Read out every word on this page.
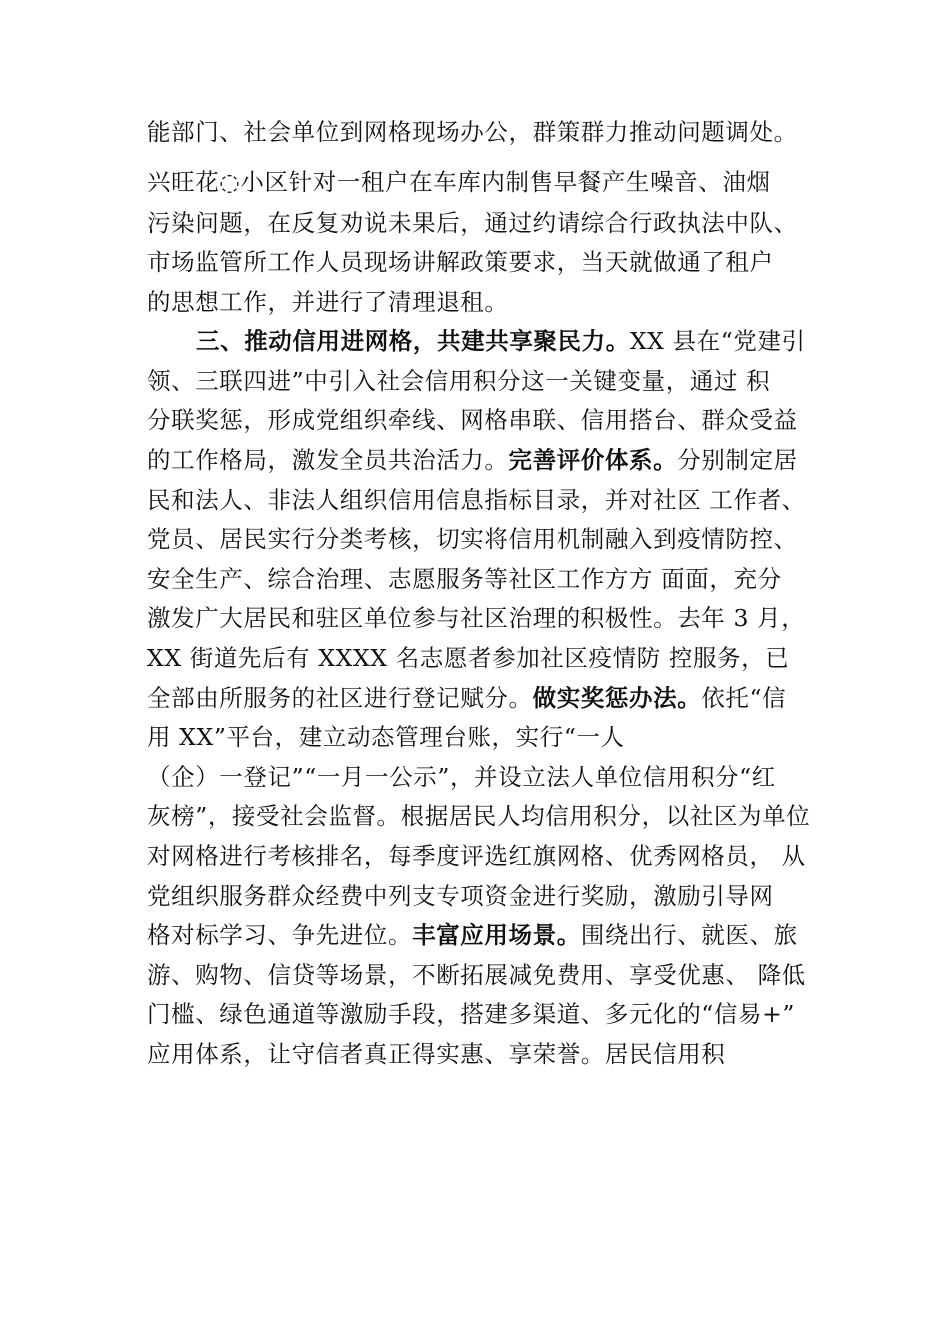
能部门、社会单位到网格现场办公，群策群力推动问题调处。
兴旺花◌小区针对一租户在车库内制售早餐产生噪音、油烟
污染问题，在反复劝说未果后，通过约请综合行政执法中队、
市场监管所工作人员现场讲解政策要求，当天就做通了租户
的思想工作，并进行了清理退租。
三、推动信用进网格，共建共享聚民力。XX 县在“党建引
领、三联四进”中引入社会信用积分这一关键变量，通过 积
分联奖惩，形成党组织牵线、网格串联、信用搭台、群众受益
的工作格局，激发全员共治活力。完善评价体系。分别制定居
民和法人、非法人组织信用信息指标目录，并对社区 工作者、
党员、居民实行分类考核，切实将信用机制融入到疫情防控、
安全生产、综合治理、志愿服务等社区工作方方 面面，充分
激发广大居民和驻区单位参与社区治理的积极性。去年 3 月，
XX 街道先后有 XXXX 名志愿者参加社区疫情防 控服务，已
全部由所服务的社区进行登记赋分。做实奖惩办法。依托“信
用 XX”平台，建立动态管理台账，实行“一人
（企）一登记”“一月一公示”，并设立法人单位信用积分“红
灰榜”，接受社会监督。根据居民人均信用积分，以社区为单位
对网格进行考核排名，每季度评选红旗网格、优秀网格员， 从
党组织服务群众经费中列支专项资金进行奖励，激励引导网
格对标学习、争先进位。丰富应用场景。围绕出行、就医、旅
游、购物、信贷等场景，不断拓展减免费用、享受优惠、 降低
门槛、绿色通道等激励手段，搭建多渠道、多元化的“信易+”
应用体系，让守信者真正得实惠、享荣誉。居民信用积
